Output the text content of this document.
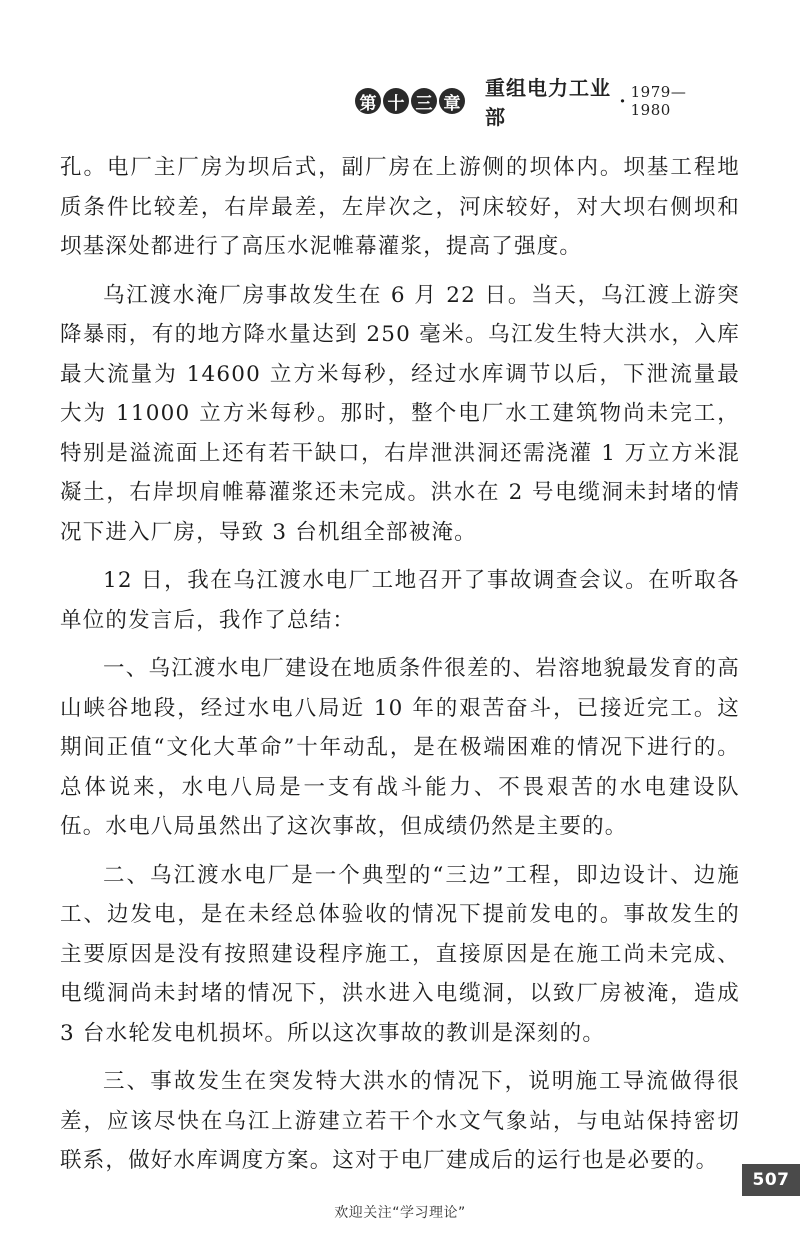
第 十 三 章
重组电力工业部
· 1979—1980

孔。电厂主厂房为坝后式，副厂房在上游侧的坝体内。坝基工程地质条件比较差，右岸最差，左岸次之，河床较好，对大坝右侧坝和坝基深处都进行了高压水泥帷幕灌浆，提高了强度。

乌江渡水淹厂房事故发生在 6 月 22 日。当天，乌江渡上游突降暴雨，有的地方降水量达到 250 毫米。乌江发生特大洪水，入库最大流量为 14600 立方米每秒，经过水库调节以后，下泄流量最大为 11000 立方米每秒。那时，整个电厂水工建筑物尚未完工，特别是溢流面上还有若干缺口，右岸泄洪洞还需浇灌 1 万立方米混凝土，右岸坝肩帷幕灌浆还未完成。洪水在 2 号电缆洞未封堵的情况下进入厂房，导致 3 台机组全部被淹。

12 日，我在乌江渡水电厂工地召开了事故调查会议。在听取各单位的发言后，我作了总结：

一、乌江渡水电厂建设在地质条件很差的、岩溶地貌最发育的高山峡谷地段，经过水电八局近 10 年的艰苦奋斗，已接近完工。这期间正值“文化大革命”十年动乱，是在极端困难的情况下进行的。总体说来，水电八局是一支有战斗能力、不畏艰苦的水电建设队伍。水电八局虽然出了这次事故，但成绩仍然是主要的。

二、乌江渡水电厂是一个典型的“三边”工程，即边设计、边施工、边发电，是在未经总体验收的情况下提前发电的。事故发生的主要原因是没有按照建设程序施工，直接原因是在施工尚未完成、电缆洞尚未封堵的情况下，洪水进入电缆洞，以致厂房被淹，造成 3 台水轮发电机损坏。所以这次事故的教训是深刻的。

三、事故发生在突发特大洪水的情况下，说明施工导流做得很差，应该尽快在乌江上游建立若干个水文气象站，与电站保持密切联系，做好水库调度方案。这对于电厂建成后的运行也是必要的。

507
欢迎关注“学习理论”
